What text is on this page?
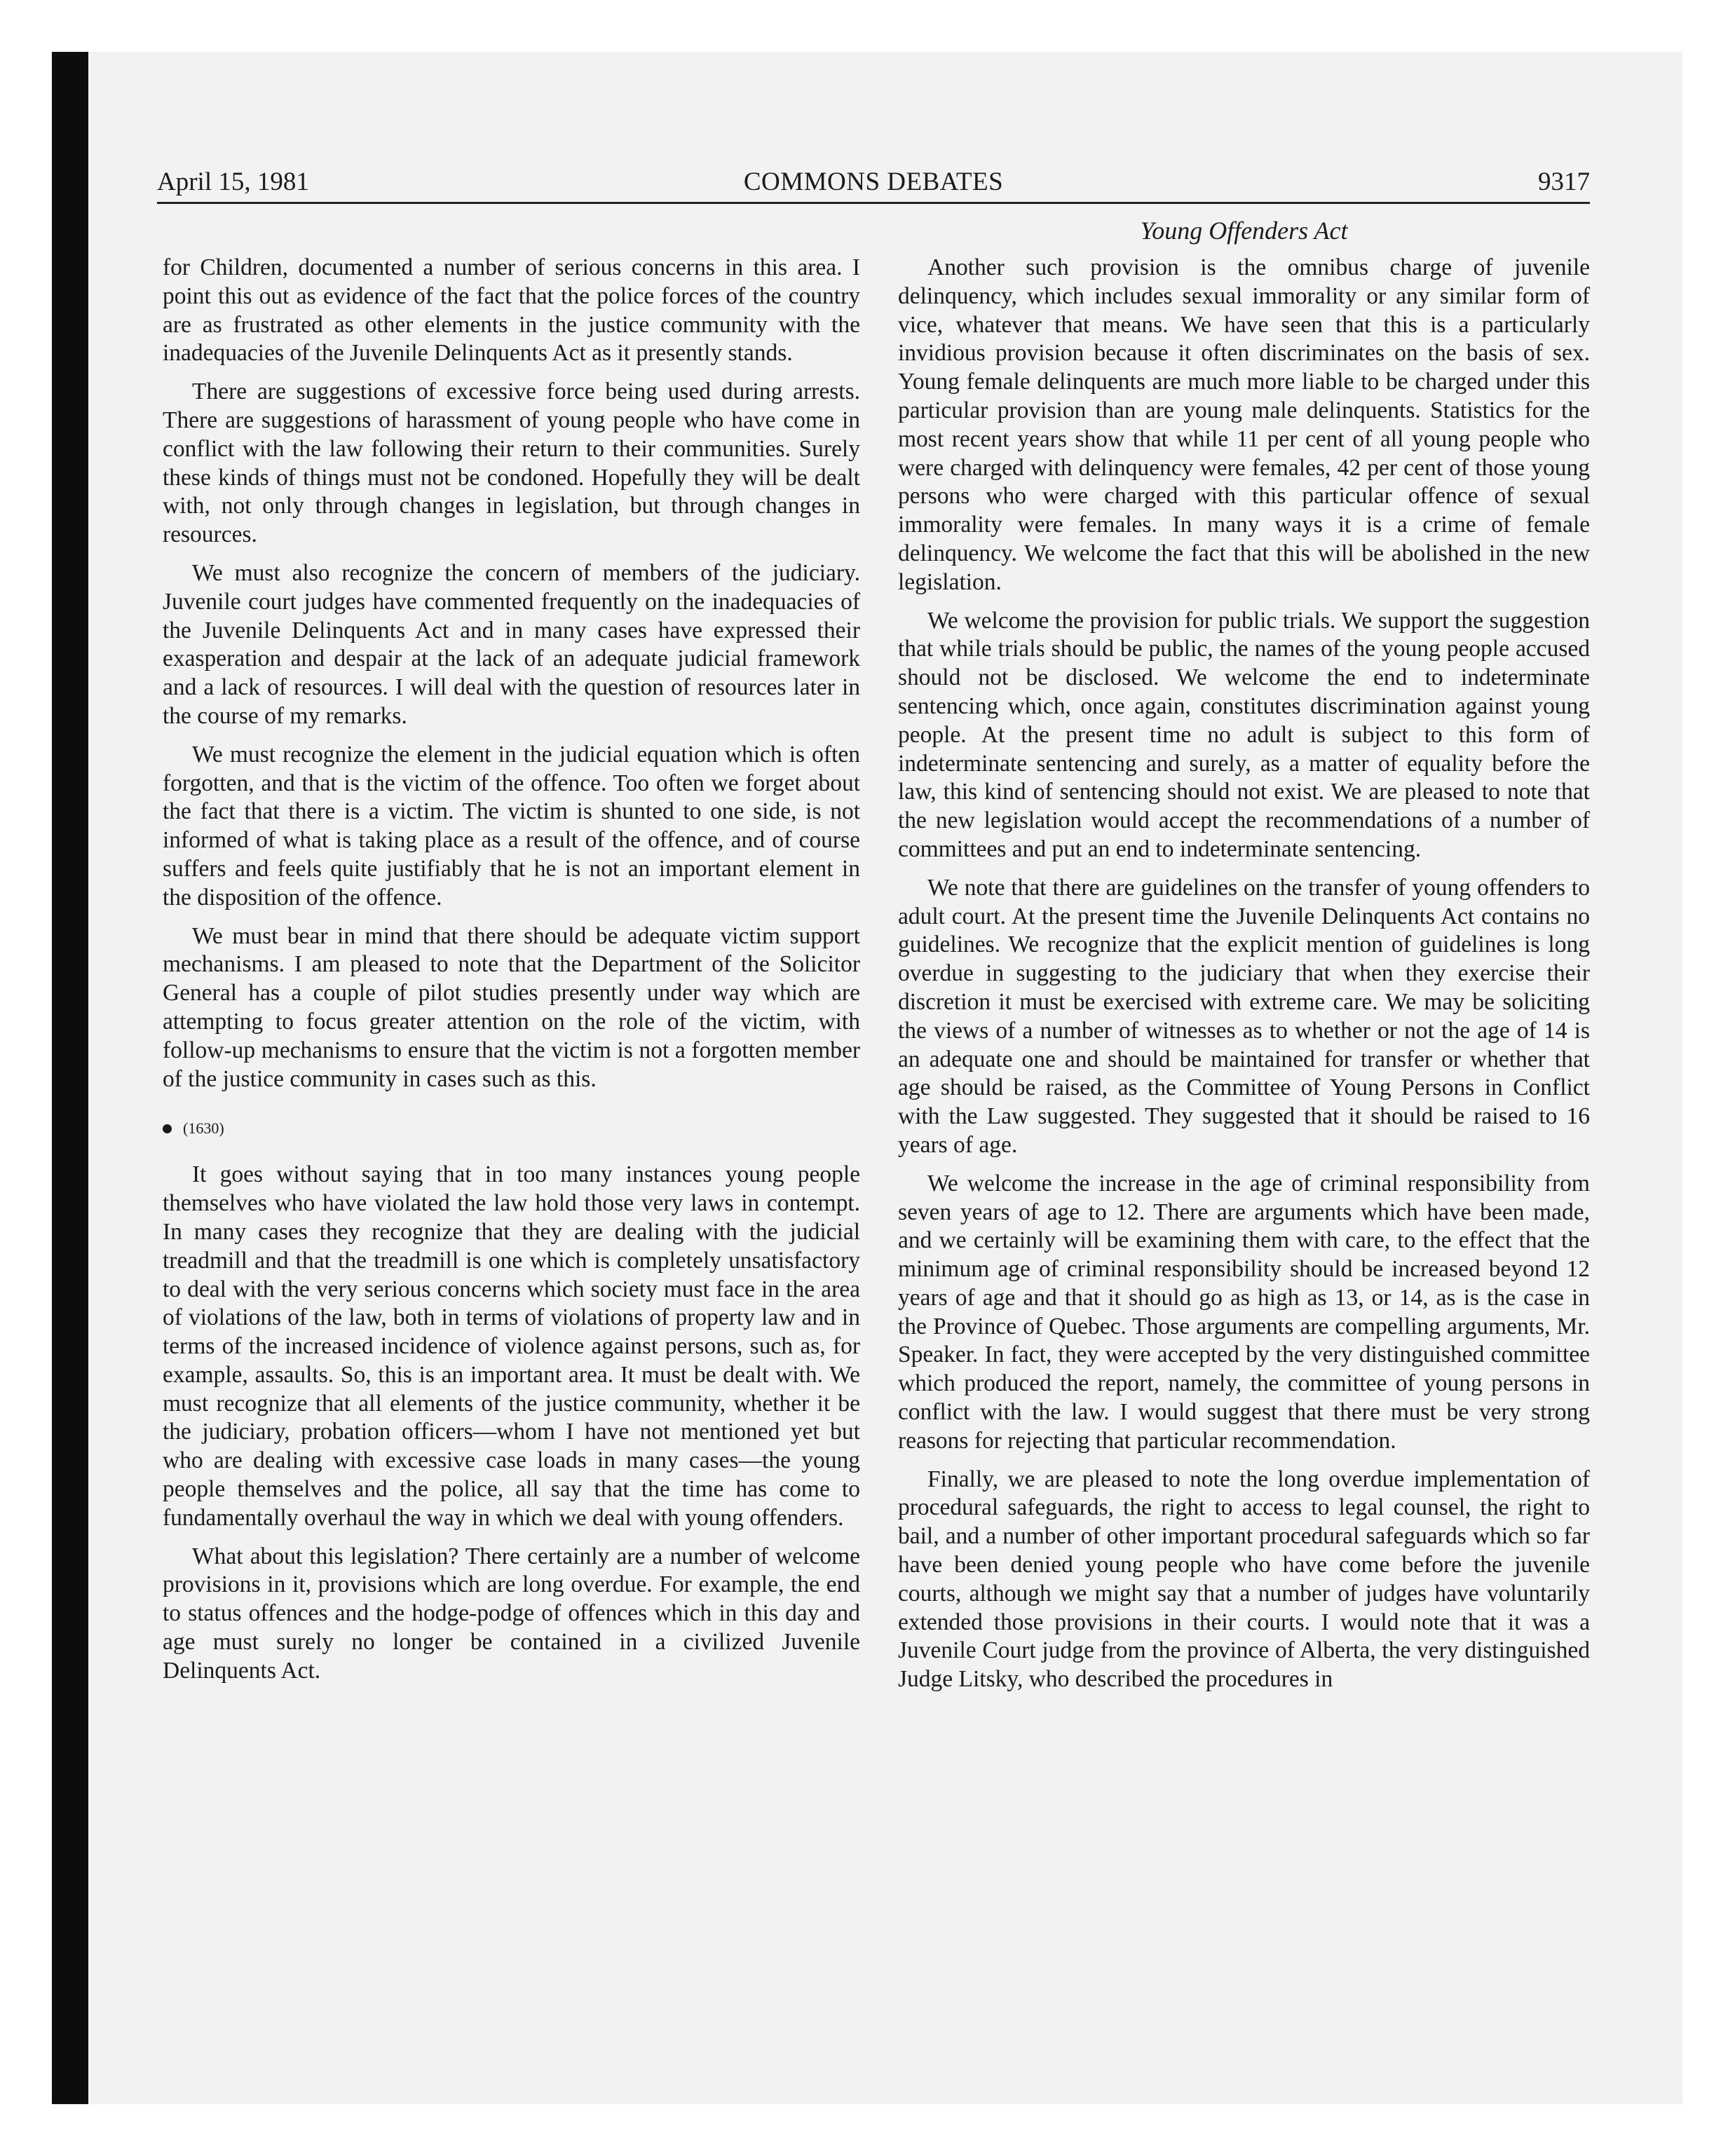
April 15, 1981	COMMONS DEBATES	9317
Young Offenders Act

for Children, documented a number of serious concerns in this area. I point this out as evidence of the fact that the police forces of the country are as frustrated as other elements in the justice community with the inadequacies of the Juvenile Delinquents Act as it presently stands.

There are suggestions of excessive force being used during arrests. There are suggestions of harassment of young people who have come in conflict with the law following their return to their communities. Surely these kinds of things must not be condoned. Hopefully they will be dealt with, not only through changes in legislation, but through changes in resources.

We must also recognize the concern of members of the judiciary. Juvenile court judges have commented frequently on the inadequacies of the Juvenile Delinquents Act and in many cases have expressed their exasperation and despair at the lack of an adequate judicial framework and a lack of resources. I will deal with the question of resources later in the course of my remarks.

We must recognize the element in the judicial equation which is often forgotten, and that is the victim of the offence. Too often we forget about the fact that there is a victim. The victim is shunted to one side, is not informed of what is taking place as a result of the offence, and of course suffers and feels quite justifiably that he is not an important element in the disposition of the offence.

We must bear in mind that there should be adequate victim support mechanisms. I am pleased to note that the Department of the Solicitor General has a couple of pilot studies presently under way which are attempting to focus greater attention on the role of the victim, with follow-up mechanisms to ensure that the victim is not a forgotten member of the justice community in cases such as this.

(1630)

It goes without saying that in too many instances young people themselves who have violated the law hold those very laws in contempt. In many cases they recognize that they are dealing with the judicial treadmill and that the treadmill is one which is completely unsatisfactory to deal with the very serious concerns which society must face in the area of violations of the law, both in terms of violations of property law and in terms of the increased incidence of violence against persons, such as, for example, assaults. So, this is an important area. It must be dealt with. We must recognize that all elements of the justice community, whether it be the judiciary, probation officers—whom I have not mentioned yet but who are dealing with excessive case loads in many cases—the young people themselves and the police, all say that the time has come to fundamentally overhaul the way in which we deal with young offenders.

What about this legislation? There certainly are a number of welcome provisions in it, provisions which are long overdue. For example, the end to status offences and the hodge-podge of offences which in this day and age must surely no longer be contained in a civilized Juvenile Delinquents Act.

Another such provision is the omnibus charge of juvenile delinquency, which includes sexual immorality or any similar form of vice, whatever that means. We have seen that this is a particularly invidious provision because it often discriminates on the basis of sex. Young female delinquents are much more liable to be charged under this particular provision than are young male delinquents. Statistics for the most recent years show that while 11 per cent of all young people who were charged with delinquency were females, 42 per cent of those young persons who were charged with this particular offence of sexual immorality were females. In many ways it is a crime of female delinquency. We welcome the fact that this will be abolished in the new legislation.

We welcome the provision for public trials. We support the suggestion that while trials should be public, the names of the young people accused should not be disclosed. We welcome the end to indeterminate sentencing which, once again, constitutes discrimination against young people. At the present time no adult is subject to this form of indeterminate sentencing and surely, as a matter of equality before the law, this kind of sentencing should not exist. We are pleased to note that the new legislation would accept the recommendations of a number of committees and put an end to indeterminate sentencing.

We note that there are guidelines on the transfer of young offenders to adult court. At the present time the Juvenile Delinquents Act contains no guidelines. We recognize that the explicit mention of guidelines is long overdue in suggesting to the judiciary that when they exercise their discretion it must be exercised with extreme care. We may be soliciting the views of a number of witnesses as to whether or not the age of 14 is an adequate one and should be maintained for transfer or whether that age should be raised, as the Committee of Young Persons in Conflict with the Law suggested. They suggested that it should be raised to 16 years of age.

We welcome the increase in the age of criminal responsibility from seven years of age to 12. There are arguments which have been made, and we certainly will be examining them with care, to the effect that the minimum age of criminal responsibility should be increased beyond 12 years of age and that it should go as high as 13, or 14, as is the case in the Province of Quebec. Those arguments are compelling arguments, Mr. Speaker. In fact, they were accepted by the very distinguished committee which produced the report, namely, the committee of young persons in conflict with the law. I would suggest that there must be very strong reasons for rejecting that particular recommendation.

Finally, we are pleased to note the long overdue implementation of procedural safeguards, the right to access to legal counsel, the right to bail, and a number of other important procedural safeguards which so far have been denied young people who have come before the juvenile courts, although we might say that a number of judges have voluntarily extended those provisions in their courts. I would note that it was a Juvenile Court judge from the province of Alberta, the very distinguished Judge Litsky, who described the procedures in
